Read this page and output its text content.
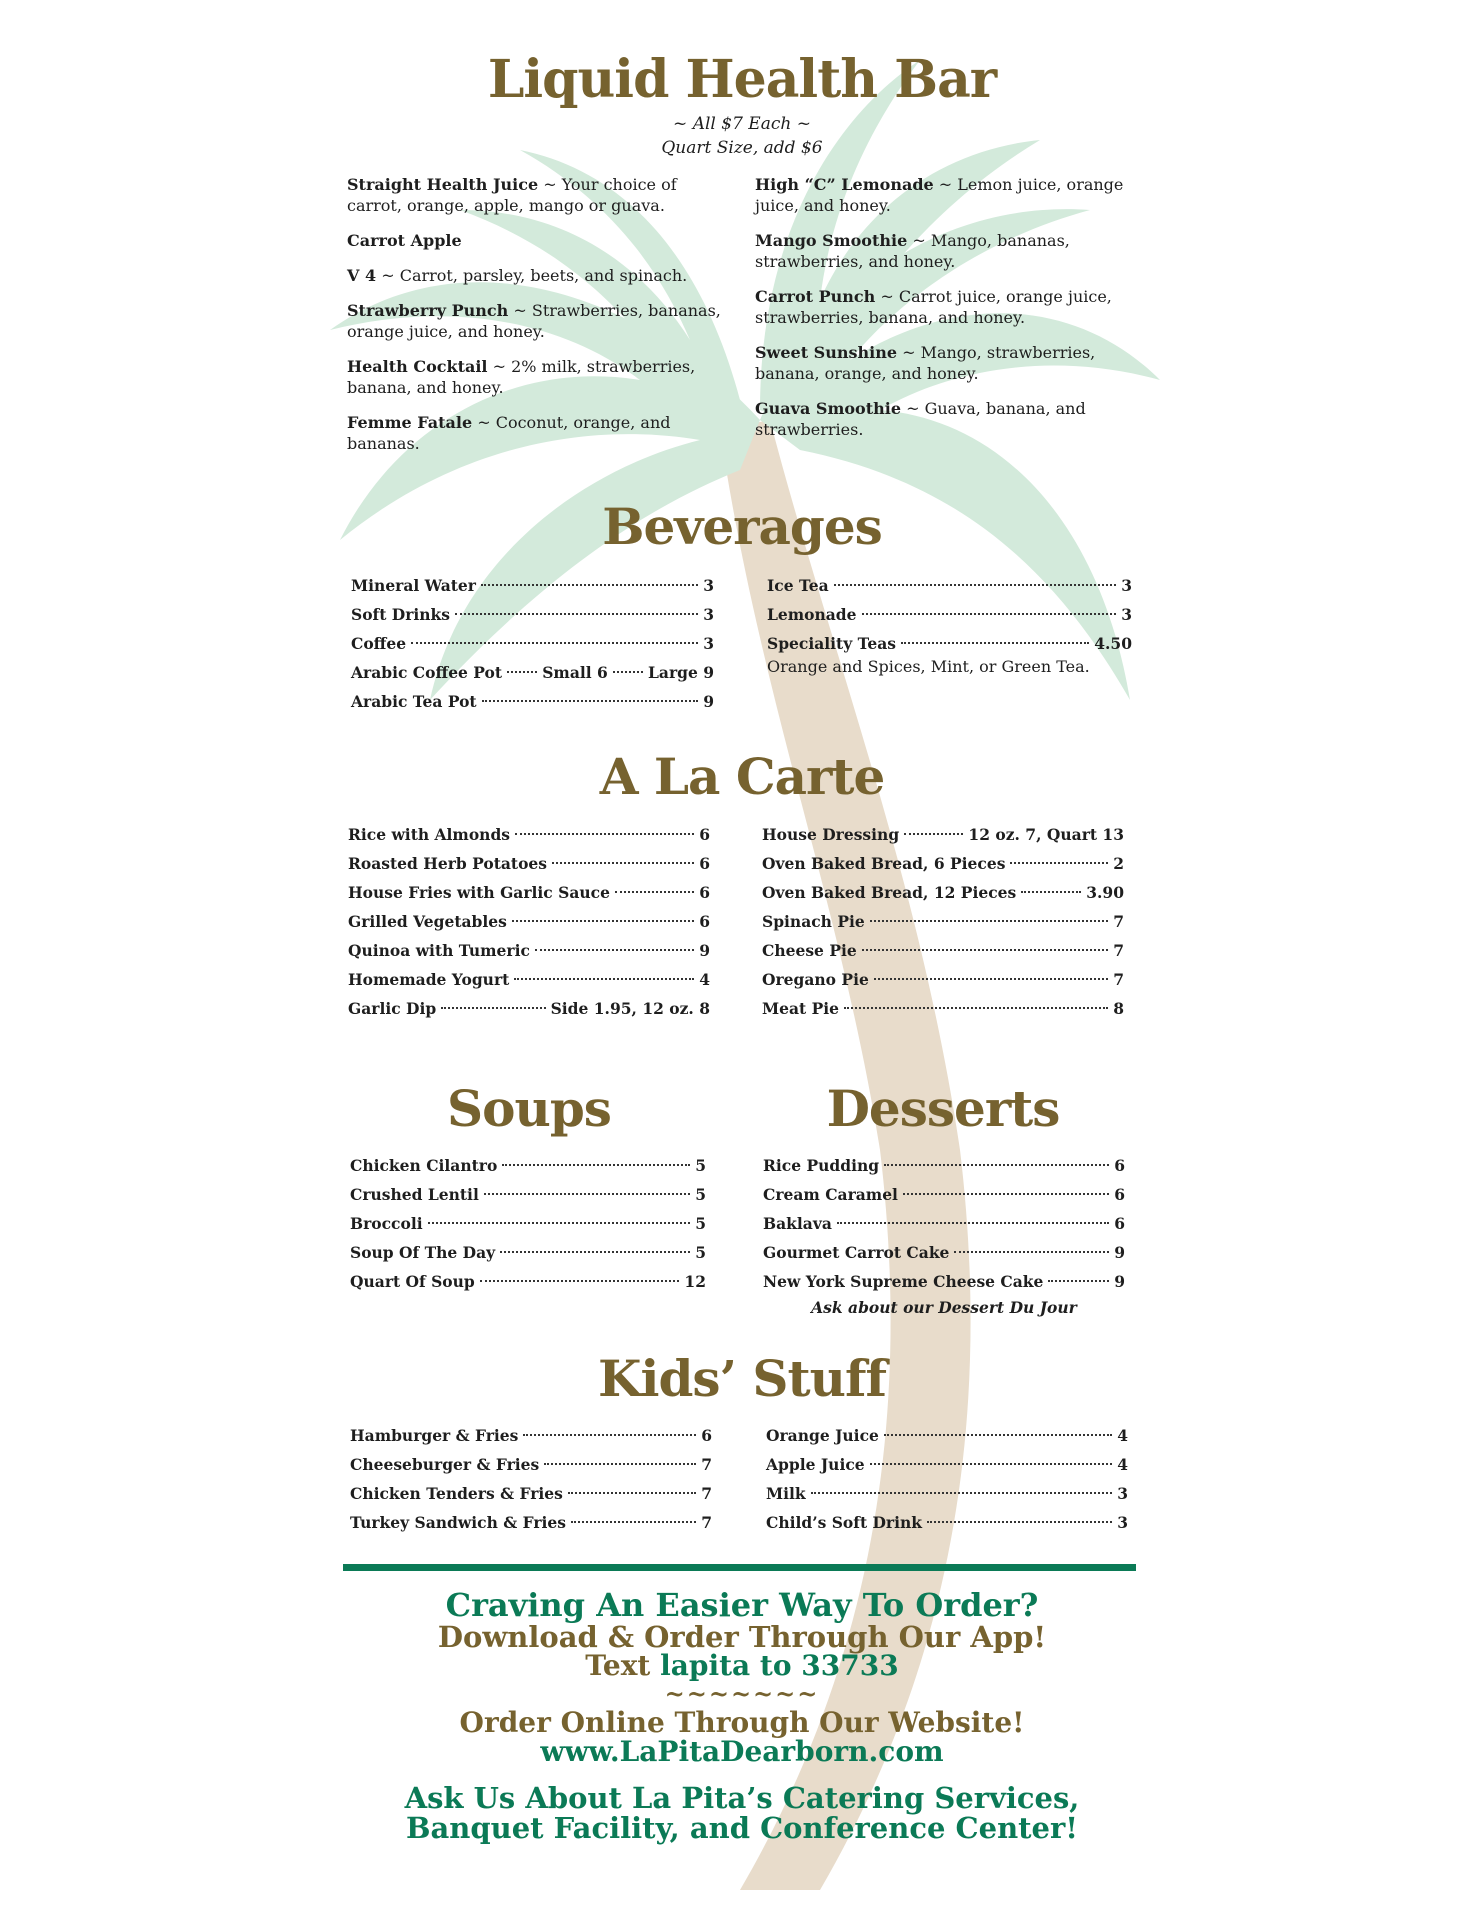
Liquid Health Bar
~ All $7 Each ~
Quart Size, add $6
Straight Health Juice ~ Your choice of carrot, orange, apple, mango or guava.
Carrot Apple
V 4 ~ Carrot, parsley, beets, and spinach.
Strawberry Punch ~ Strawberries, bananas, orange juice, and honey.
Health Cocktail ~ 2% milk, strawberries, banana, and honey.
Femme Fatale ~ Coconut, orange, and bananas.
High “C” Lemonade ~ Lemon juice, orange juice, and honey.
Mango Smoothie ~ Mango, bananas, strawberries, and honey.
Carrot Punch ~ Carrot juice, orange juice, strawberries, banana, and honey.
Sweet Sunshine ~ Mango, strawberries, banana, orange, and honey.
Guava Smoothie ~ Guava, banana, and strawberries.
Beverages
Mineral Water	3
Soft Drinks	3
Coffee	3
Arabic Coffee Pot	Small 6	Large 9
Arabic Tea Pot	9
Ice Tea	3
Lemonade	3
Speciality Teas	4.50
Orange and Spices, Mint, or Green Tea.
A La Carte
Rice with Almonds	6
Roasted Herb Potatoes	6
House Fries with Garlic Sauce	6
Grilled Vegetables	6
Quinoa with Tumeric	9
Homemade Yogurt	4
Garlic Dip	Side 1.95, 12 oz. 8
House Dressing	12 oz. 7, Quart 13
Oven Baked Bread, 6 Pieces	2
Oven Baked Bread, 12 Pieces	3.90
Spinach Pie	7
Cheese Pie	7
Oregano Pie	7
Meat Pie	8
Soups	Desserts
Chicken Cilantro	5
Crushed Lentil	5
Broccoli	5
Soup Of The Day	5
Quart Of Soup	12
Rice Pudding	6
Cream Caramel	6
Baklava	6
Gourmet Carrot Cake	9
New York Supreme Cheese Cake	9
Ask about our Dessert Du Jour
Kids’ Stuff
Hamburger & Fries	6
Cheeseburger & Fries	7
Chicken Tenders & Fries	7
Turkey Sandwich & Fries	7
Orange Juice	4
Apple Juice	4
Milk	3
Child’s Soft Drink	3
Craving An Easier Way To Order?
Download & Order Through Our App!
Text lapita to 33733
~~~~~~~
Order Online Through Our Website!
www.LaPitaDearborn.com
Ask Us About La Pita’s Catering Services,
Banquet Facility, and Conference Center!
